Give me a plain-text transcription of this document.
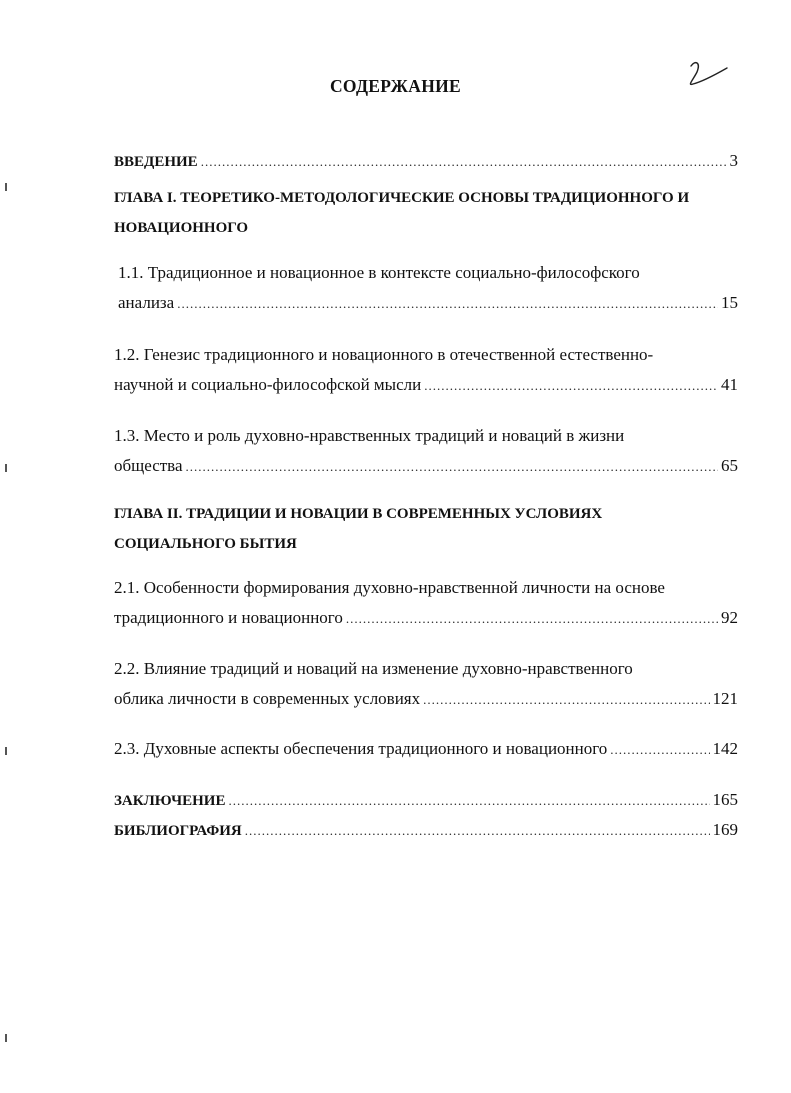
СОДЕРЖАНИЕ
ВВЕДЕНИЕ .....	3
ГЛАВА I. ТЕОРЕТИКО-МЕТОДОЛОГИЧЕСКИЕ ОСНОВЫ ТРАДИЦИОННОГО И
НОВАЦИОННОГО
1.1. Традиционное и новационное в контексте социально-философского
анализа .....	15
1.2. Генезис традиционного и новационного в отечественной естественно-
научной и социально-философской мысли .....	41
1.3. Место и роль духовно-нравственных традиций и новаций в жизни
общества .....	65
ГЛАВА II. ТРАДИЦИИ И НОВАЦИИ В СОВРЕМЕННЫХ УСЛОВИЯХ
СОЦИАЛЬНОГО БЫТИЯ
2.1. Особенности формирования духовно-нравственной личности на основе
традиционного и новационного .....	92
2.2. Влияние традиций и новаций на изменение духовно-нравственного
облика личности в современных условиях .....	121
2.3. Духовные аспекты обеспечения традиционного и новационного .....	142
ЗАКЛЮЧЕНИЕ .....	165
БИБЛИОГРАФИЯ .....	169
